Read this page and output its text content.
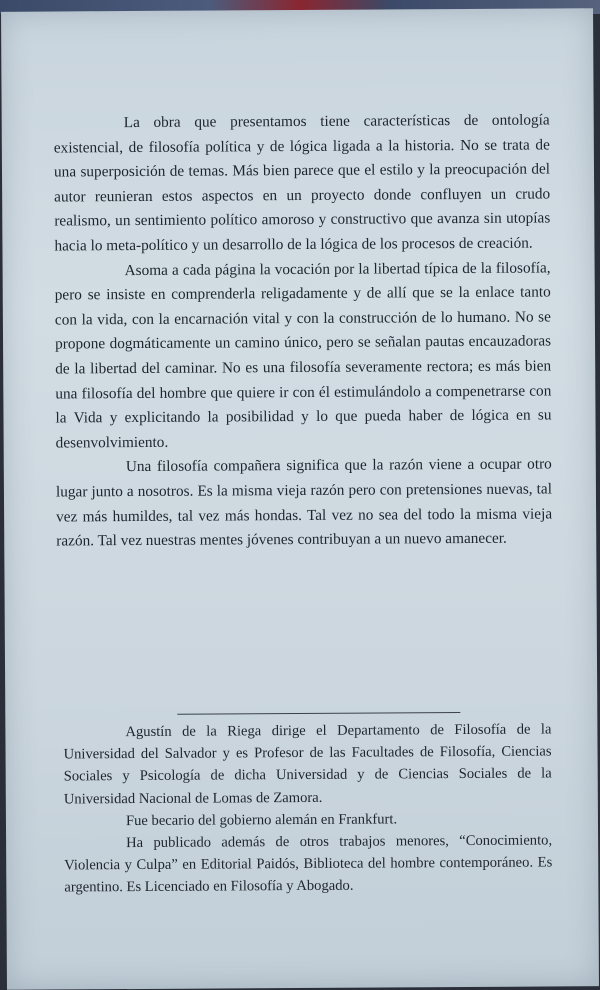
La obra que presentamos tiene características de ontología existencial, de filosofía política y de lógica ligada a la historia. No se trata de una superposición de temas. Más bien parece que el estilo y la preocupación del autor reunieran estos aspectos en un proyecto donde confluyen un crudo realismo, un sentimiento político amoroso y constructivo que avanza sin utopías hacia lo meta-político y un desarrollo de la lógica de los procesos de creación.

Asoma a cada página la vocación por la libertad típica de la filosofía, pero se insiste en comprenderla religadamente y de allí que se la enlace tanto con la vida, con la encarnación vital y con la construcción de lo humano. No se propone dogmáticamente un camino único, pero se señalan pautas encauzadoras de la libertad del caminar. No es una filosofía severamente rectora; es más bien una filosofía del hombre que quiere ir con él estimulándolo a compenetrarse con la Vida y explicitando la posibilidad y lo que pueda haber de lógica en su desenvolvimiento.

Una filosofía compañera significa que la razón viene a ocupar otro lugar junto a nosotros. Es la misma vieja razón pero con pretensiones nuevas, tal vez más humildes, tal vez más hondas. Tal vez no sea del todo la misma vieja razón. Tal vez nuestras mentes jóvenes contribuyan a un nuevo amanecer.

Agustín de la Riega dirige el Departamento de Filosofía de la Universidad del Salvador y es Profesor de las Facultades de Filosofía, Ciencias Sociales y Psicología de dicha Universidad y de Ciencias Sociales de la Universidad Nacional de Lomas de Zamora.

Fue becario del gobierno alemán en Frankfurt.

Ha publicado además de otros trabajos menores, “Conocimiento, Violencia y Culpa” en Editorial Paidós, Biblioteca del hombre contemporáneo. Es argentino. Es Licenciado en Filosofía y Abogado.
